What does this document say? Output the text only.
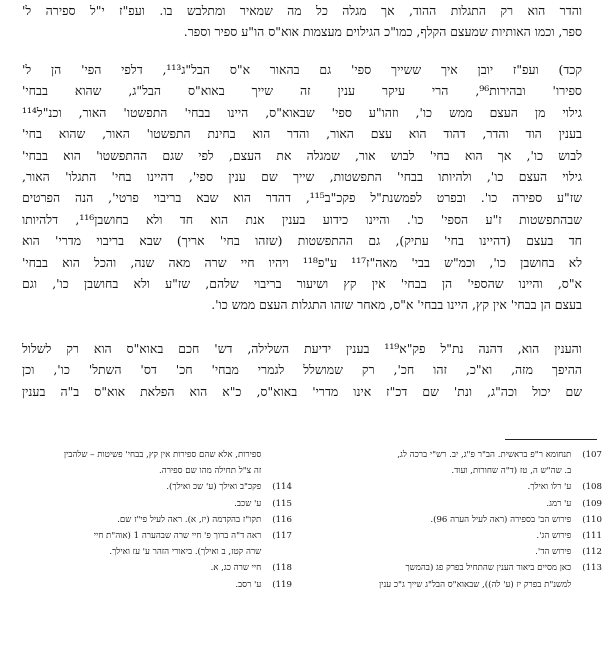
והדר הוא רק התגלות ההוד, אך מגלה כל מה שמאיר ומתלבש בו. ועפ"ז י"ל ספירה ל'
ספר, וכמו האותיות שמעצם הקלף, כמו"כ הגילוים מעצמות אוא"ס הו"ע ספיר וספר.
קכד) ועפ"ז יובן איך ששייך ספי' גם בהאור א"ס הבל"ג¹¹³, דלפי הפי' הן ל'
ספירו' ובהירות⁹⁶, הרי עיקר ענין זה שייך באוא"ס הבל"ג, שהוא בבחי'
גילוי מן העצם ממש כו', וזהו"ע ספי' שבאוא"ס, היינו בבחי' התפשטו' האור, וכנ"ל¹¹⁴
בענין הוד והדר, דהוד הוא עצם האור, והדר הוא בחינת התפשטו' האור, שהוא בחי'
לבוש כו', אך הוא בחי' לבוש אור, שמגלה את העצם, לפי שגם ההתפשטו' הוא בבחי'
גילוי העצם כו', ולהיותו בבחי' התפשטות, שייך שם ענין ספי', דהיינו בחי' התגלו' האור,
שז"ע ספירה כו'. ובפרט לפמשנת"ל פקכ"ב¹¹⁵, דהדר הוא שבא בריבוי פרטי', הנה הפרטים
שבהתפשטות ז"ע הספי' כו'. והיינו כידוע בענין אנת הוא חד ולא בחושבן¹¹⁶, דלהיותו
חד בעצם (דהיינו בחי' עתיק), גם ההתפשטות (שזהו בחי' אריך) שבא בריבוי מדרי' הוא
לא בחושבן כו', וכמ"ש בבי' מאה"ז¹¹⁷ ע"פ¹¹⁸ ויהיו חיי שרה מאה שנה, והכל הוא בבחי'
א"ס, והיינו שהספי' הן בבחי' אין קץ ושיעור בריבוי שלהם, שז"ע ולא בחושבן כו', וגם
בעצם הן בבחי' אין קץ, היינו בבחי' א"ס, מאחר שזהו התגלות העצם ממש כו'.
והענין הוא, דהנה נת"ל פק"א¹¹⁹ בענין ידיעת השלילה, דש' חכם באוא"ס הוא רק לשלול
ההיפך מזה, וא"כ, זהו חכ', רק שמושלל לגמרי מבחי' חכ' דס' השתל' כו', וכן
שם יכול וכה"ג, ונת' שם דכ"ז אינו מדרי' באוא"ס, כ"א הוא הפלאת אוא"ס ב"ה בענין
107) תנחומא ר"פ בראשית. הב"ר פ"ג, יב. רש"י ברכה לג,
ב. שה"ש ה, טז (ד"ה שחורות, ועוד.
108) ע' רלו ואילך.
109) ע' רמג.
110) פירוש הב' בספירה (ראה לעיל הערה 96).
111) פירוש הג'.
112) פירוש הד'.
113) כאן מסיים ביאור הענין שהתחיל בפרק פג (בהמשך
למשנ"ת בפרק יז (ע' לה)), שבאוא"ס הבל"ג שייך ג"כ ענין
ספירות, אלא שהם ספירות אין קץ, בבחי' פשיטות – שלהבין
זה צ"ל תחילה מהו שם ספירה.
114) פקכ"ב ואילך (ע' שכ ואילך).
115) ע' שכב.
116) תקו"ז בהקדמה (יז, א). ראה לעיל פי"ז שם.
117) ראה ד"ה ברוך פ' חיי שרה שבהערה 1 (אוה"ת חיי
שרה קטז, ב ואילך). ביאורי הזהר ע' עז ואילך.
118) חיי שרה כג, א.
119) ע' רסב.
